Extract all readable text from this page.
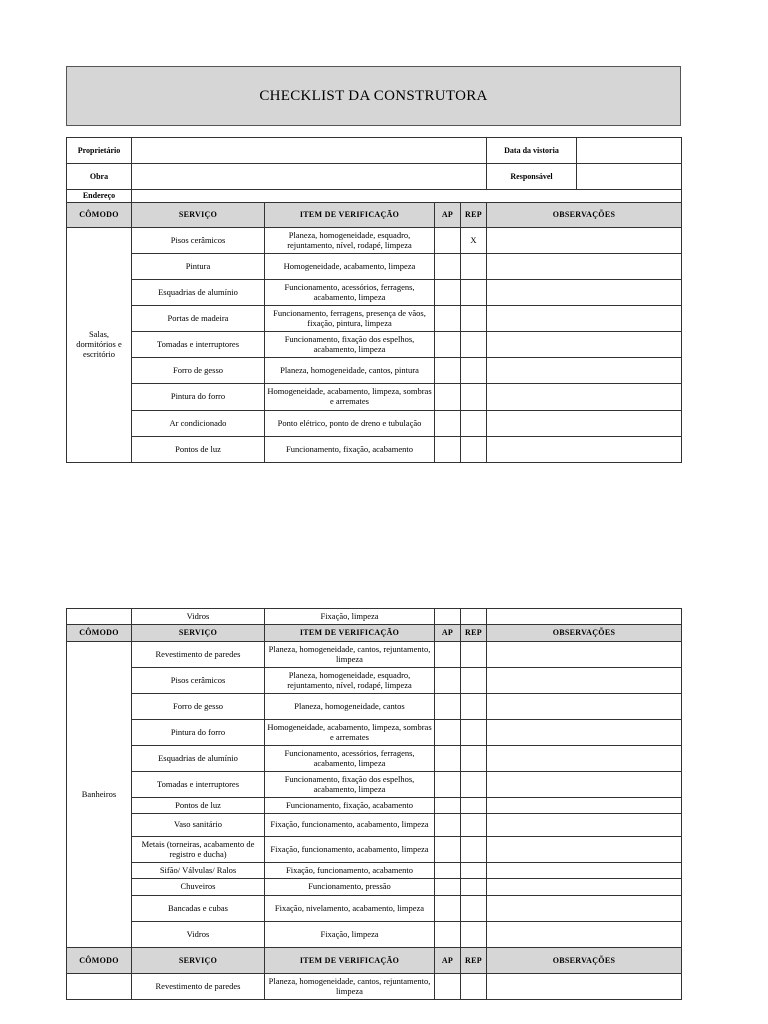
CHECKLIST DA CONSTRUTORA
Proprietário					Data da vistoria	
Obra					Responsável	
Endereço						
CÔMODO	SERVIÇO	ITEM DE VERIFICAÇÃO	AP	REP	OBSERVAÇÕES	
Salas, dormitórios e escritório	Pisos cerâmicos	Planeza, homogeneidade, esquadro, rejuntamento, nível, rodapé, limpeza		X		
	Pintura	Homogeneidade, acabamento, limpeza				
	Esquadrias de alumínio	Funcionamento, acessórios, ferragens, acabamento, limpeza				
	Portas de madeira	Funcionamento, ferragens, presença de vãos, fixação, pintura, limpeza				
	Tomadas e interruptores	Funcionamento, fixação dos espelhos, acabamento, limpeza				
	Forro de gesso	Planeza, homogeneidade, cantos, pintura				
	Pintura do forro	Homogeneidade, acabamento, limpeza, sombras e arremates				
	Ar condicionado	Ponto elétrico, ponto de dreno e tubulação				
	Pontos de luz	Funcionamento, fixação, acabamento				
	Vidros	Fixação, limpeza			
CÔMODO	SERVIÇO	ITEM DE VERIFICAÇÃO	AP	REP	OBSERVAÇÕES
Banheiros	Revestimento de paredes	Planeza, homogeneidade, cantos, rejuntamento, limpeza			
	Pisos cerâmicos	Planeza, homogeneidade, esquadro, rejuntamento, nível, rodapé, limpeza			
	Forro de gesso	Planeza, homogeneidade, cantos			
	Pintura do forro	Homogeneidade, acabamento, limpeza, sombras e arremates			
	Esquadrias de alumínio	Funcionamento, acessórios, ferragens, acabamento, limpeza			
	Tomadas e interruptores	Funcionamento, fixação dos espelhos, acabamento, limpeza			
	Pontos de luz	Funcionamento, fixação, acabamento			
	Vaso sanitário	Fixação, funcionamento, acabamento, limpeza			
	Metais (torneiras, acabamento de registro e ducha)	Fixação, funcionamento, acabamento, limpeza			
	Sifão/ Válvulas/ Ralos	Fixação, funcionamento, acabamento			
	Chuveiros	Funcionamento, pressão			
	Bancadas e cubas	Fixação, nivelamento, acabamento, limpeza			
	Vidros	Fixação, limpeza			
CÔMODO	SERVIÇO	ITEM DE VERIFICAÇÃO	AP	REP	OBSERVAÇÕES
	Revestimento de paredes	Planeza, homogeneidade, cantos, rejuntamento, limpeza			
